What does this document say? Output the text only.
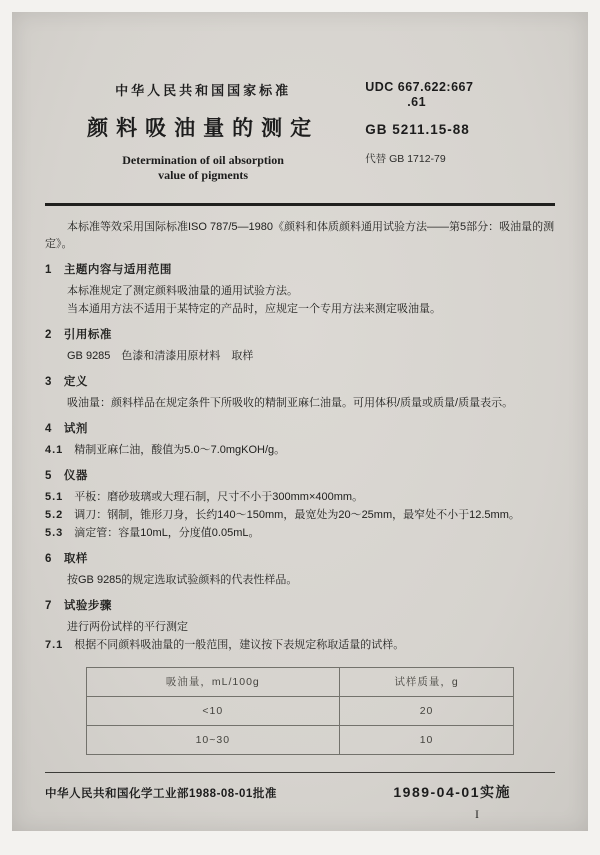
中华人民共和国国家标准
颜料吸油量的测定
Determination of oil absorption
value of pigments
UDC 667.622:667
.61
GB 5211.15-88
代替 GB 1712-79

本标准等效采用国际标准ISO 787/5—1980《颜料和体质颜料通用试验方法——第5部分：吸油量的测定》。

1　主题内容与适用范围

本标准规定了测定颜料吸油量的通用试验方法。

当本通用方法不适用于某特定的产品时，应规定一个专用方法来测定吸油量。

2　引用标准

GB 9285　色漆和清漆用原材料　取样

3　定义

吸油量：颜料样品在规定条件下所吸收的精制亚麻仁油量。可用体积/质量或质量/质量表示。

4　试剂

4.1　精制亚麻仁油，酸值为5.0～7.0mgKOH/g。

5　仪器

5.1　平板：磨砂玻璃或大理石制，尺寸不小于300mm×400mm。

5.2　调刀：钢制，锥形刀身，长约140～150mm，最宽处为20～25mm，最窄处不小于12.5mm。

5.3　滴定管：容量10mL，分度值0.05mL。

6　取样

按GB 9285的规定选取试验颜料的代表性样品。

7　试验步骤

进行两份试样的平行测定

7.1　根据不同颜料吸油量的一般范围，建议按下表规定称取适量的试样。

吸油量，mL/100g	试样质量，g
<10	20
10~30	10
中华人民共和国化学工业部1988-08-01批准	1989-04-01实施
I
